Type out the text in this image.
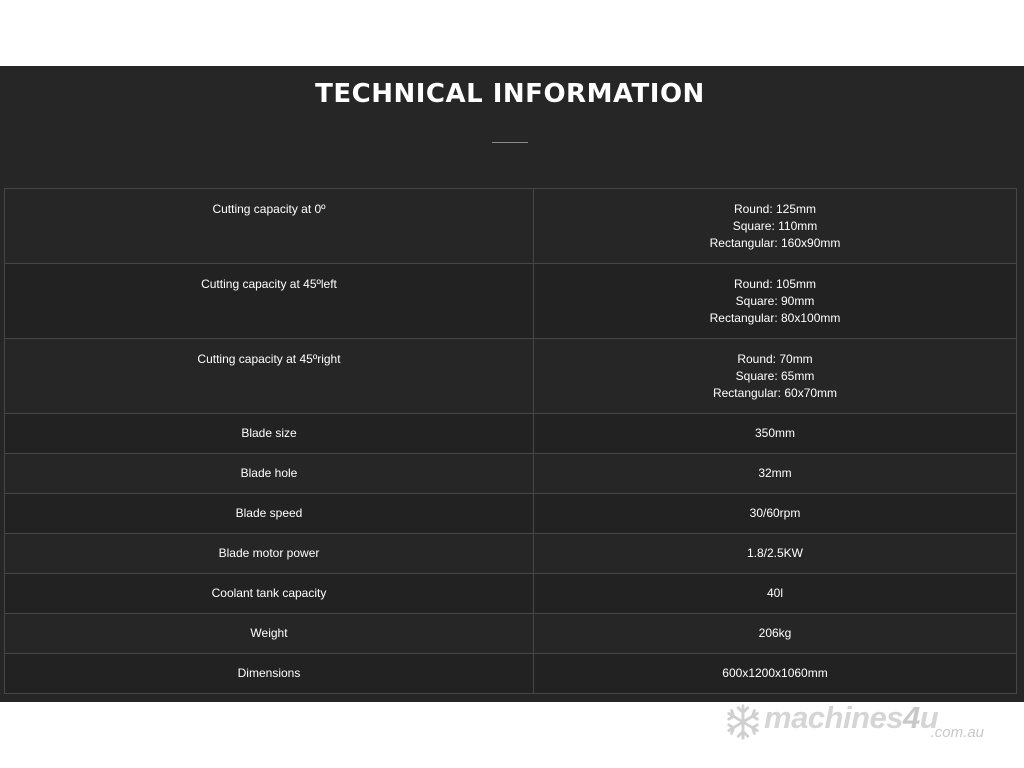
TECHNICAL INFORMATION
Cutting capacity at 0º	Round: 125mm
Square: 110mm
Rectangular: 160x90mm

Cutting capacity at 45ºleft	Round: 105mm
Square: 90mm
Rectangular: 80x100mm

Cutting capacity at 45ºright	Round: 70mm
Square: 65mm
Rectangular: 60x70mm

Blade size	350mm

Blade hole	32mm

Blade speed	30/60rpm

Blade motor power	1.8/2.5KW

Coolant tank capacity	40l

Weight	206kg

Dimensions	600x1200x1060mm
machines4u
.com.au
